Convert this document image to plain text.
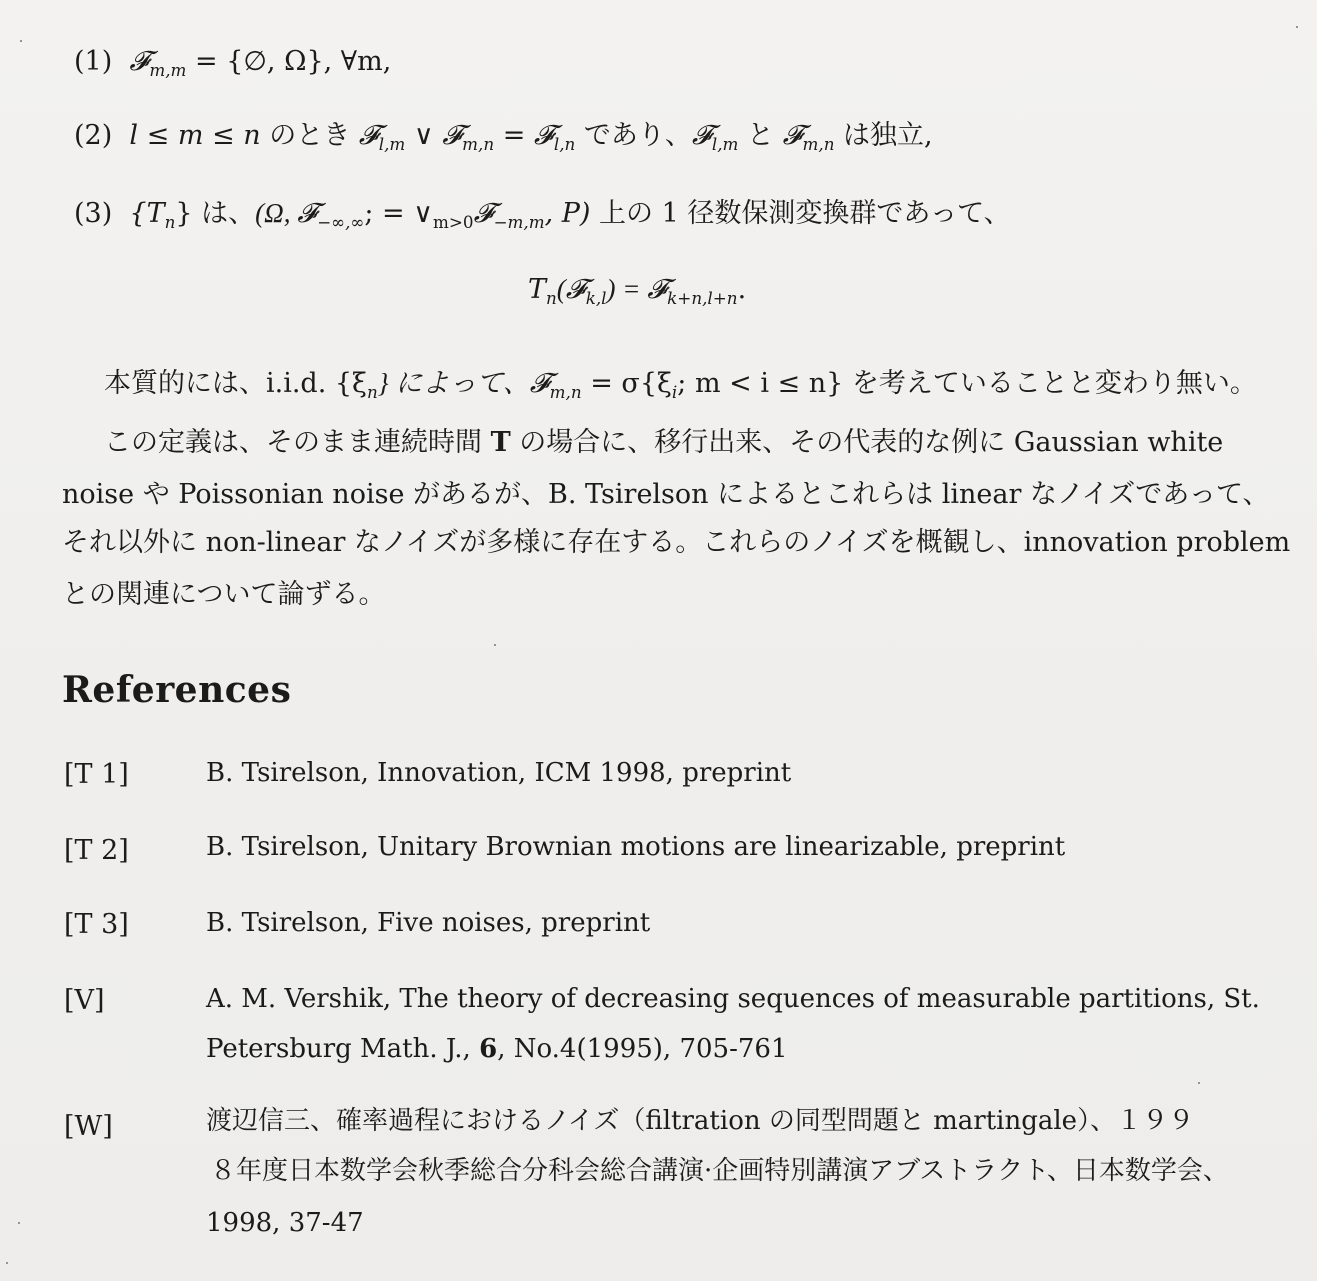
(1) 𝓕$_{m,m}$ = {∅, Ω}, ∀m,
(2) l ≤ m ≤ n のとき 𝓕$_{l,m}$ ∨ 𝓕$_{m,n}$ = 𝓕$_{l,n}$ であり、𝓕$_{l,m}$ と 𝓕$_{m,n}$ は独立,
(3) $\{T_n\}$ は、(Ω, 𝓕$_{-\infty,\infty}$; = $\vee_{m>0}𝓕_{-m,m}$, P) 上の 1 径数保測変換群であって、
$T_n(𝓕_{k,l})$ = 𝓕$_{k+n,l+n}$.
本質的には、i.i.d. $\{\xi_n\}$ によって、𝓕$_{m,n}$ = $\sigma\{\xi_i$; m < i ≤ n} を考えていることと変わり無い。
この定義は、そのまま連続時間 T の場合に、移行出来、その代表的な例に Gaussian white
noise や Poissonian noise があるが、B. Tsirelson によるとこれらは linear なノイズであって、
それ以外に non-linear なノイズが多様に存在する。これらのノイズを概観し、innovation problem
との関連について論ずる。
References
[T 1]	B. Tsirelson, Innovation, ICM 1998, preprint
[T 2]	B. Tsirelson, Unitary Brownian motions are linearizable, preprint
[T 3]	B. Tsirelson, Five noises, preprint
[V]	A. M. Vershik, The theory of decreasing sequences of measurable partitions, St.
Petersburg Math. J., 6, No.4(1995), 705-761
[W]	渡辺信三、確率過程におけるノイズ（filtration の同型問題と martingale）、１９９
８年度日本数学会秋季総合分科会総合講演·企画特別講演アブストラクト、日本数学会、
1998, 37-47
